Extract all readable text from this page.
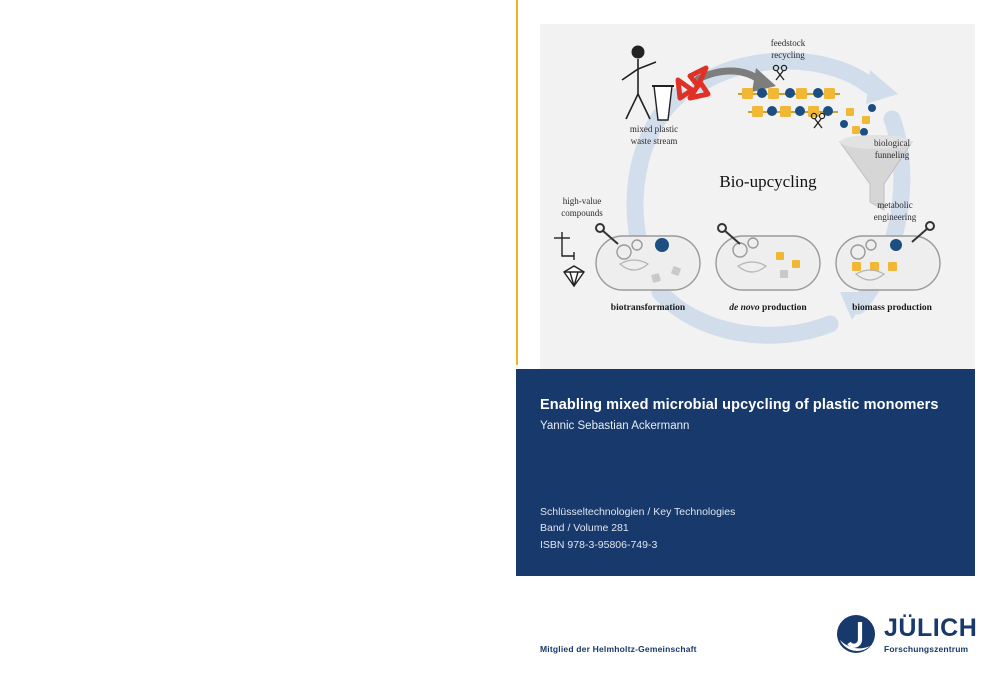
mixed plastic
waste stream
feedstock
recycling
biological
funneling
Bio-upcycling
metabolic
engineering
high-value
compounds
biotransformation	de novo production	biomass production
Enabling mixed microbial upcycling of plastic monomers
Yannic Sebastian Ackermann
Schlüsseltechnologien / Key Technologies
Band / Volume 281
ISBN 978-3-95806-749-3
Mitglied der Helmholtz-Gemeinschaft
JÜLICH
Forschungszentrum
